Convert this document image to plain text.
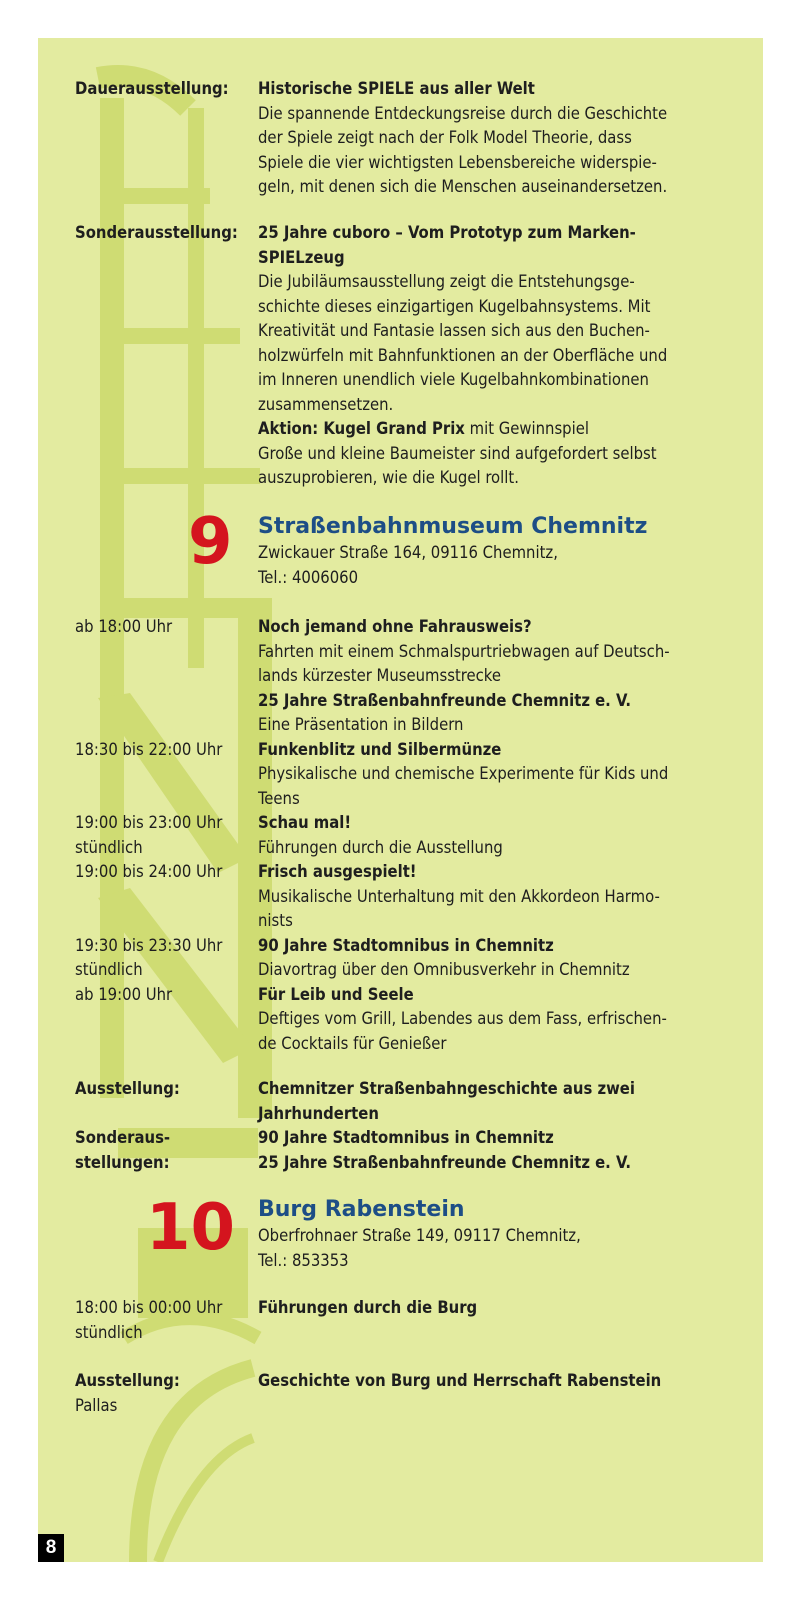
Dauerausstellung: Historische SPIELE aus aller Welt
Die spannende Entdeckungsreise durch die Geschichte
der Spiele zeigt nach der Folk Model Theorie, dass
Spiele die vier wichtigsten Lebensbereiche widerspie-
geln, mit denen sich die Menschen auseinandersetzen.
Sonderausstellung: 25 Jahre cuboro – Vom Prototyp zum Marken-
SPIELzeug
Die Jubiläumsausstellung zeigt die Entstehungsge-
schichte dieses einzigartigen Kugelbahnsystems. Mit
Kreativität und Fantasie lassen sich aus den Buchen-
holzwürfeln mit Bahnfunktionen an der Oberfläche und
im Inneren unendlich viele Kugelbahnkombinationen
zusammensetzen.
Aktion: Kugel Grand Prix mit Gewinnspiel
Große und kleine Baumeister sind aufgefordert selbst
auszuprobieren, wie die Kugel rollt.
9 Straßenbahnmuseum Chemnitz
Zwickauer Straße 164, 09116 Chemnitz,
Tel.: 4006060
ab 18:00 Uhr	Noch jemand ohne Fahrausweis?
Fahrten mit einem Schmalspurtriebwagen auf Deutsch-
lands kürzester Museumsstrecke
25 Jahre Straßenbahnfreunde Chemnitz e. V.
Eine Präsentation in Bildern
18:30 bis 22:00 Uhr Funkenblitz und Silbermünze
Physikalische und chemische Experimente für Kids und
Teens
19:00 bis 23:00 Uhr Schau mal!
stündlich	Führungen durch die Ausstellung
19:00 bis 24:00 Uhr Frisch ausgespielt!
Musikalische Unterhaltung mit den Akkordeon Harmo-
nists
19:30 bis 23:30 Uhr 90 Jahre Stadtomnibus in Chemnitz
stündlich	Diavortrag über den Omnibusverkehr in Chemnitz
ab 19:00 Uhr	Für Leib und Seele
Deftiges vom Grill, Labendes aus dem Fass, erfrischen-
de Cocktails für Genießer
Ausstellung:	Chemnitzer Straßenbahngeschichte aus zwei
Jahrhunderten
Sonderaus-	90 Jahre Stadtomnibus in Chemnitz
stellungen:	25 Jahre Straßenbahnfreunde Chemnitz e. V.
10 Burg Rabenstein
Oberfrohnaer Straße 149, 09117 Chemnitz,
Tel.: 853353
18:00 bis 00:00 Uhr Führungen durch die Burg
stündlich
Ausstellung:	Geschichte von Burg und Herrschaft Rabenstein
Pallas
8
